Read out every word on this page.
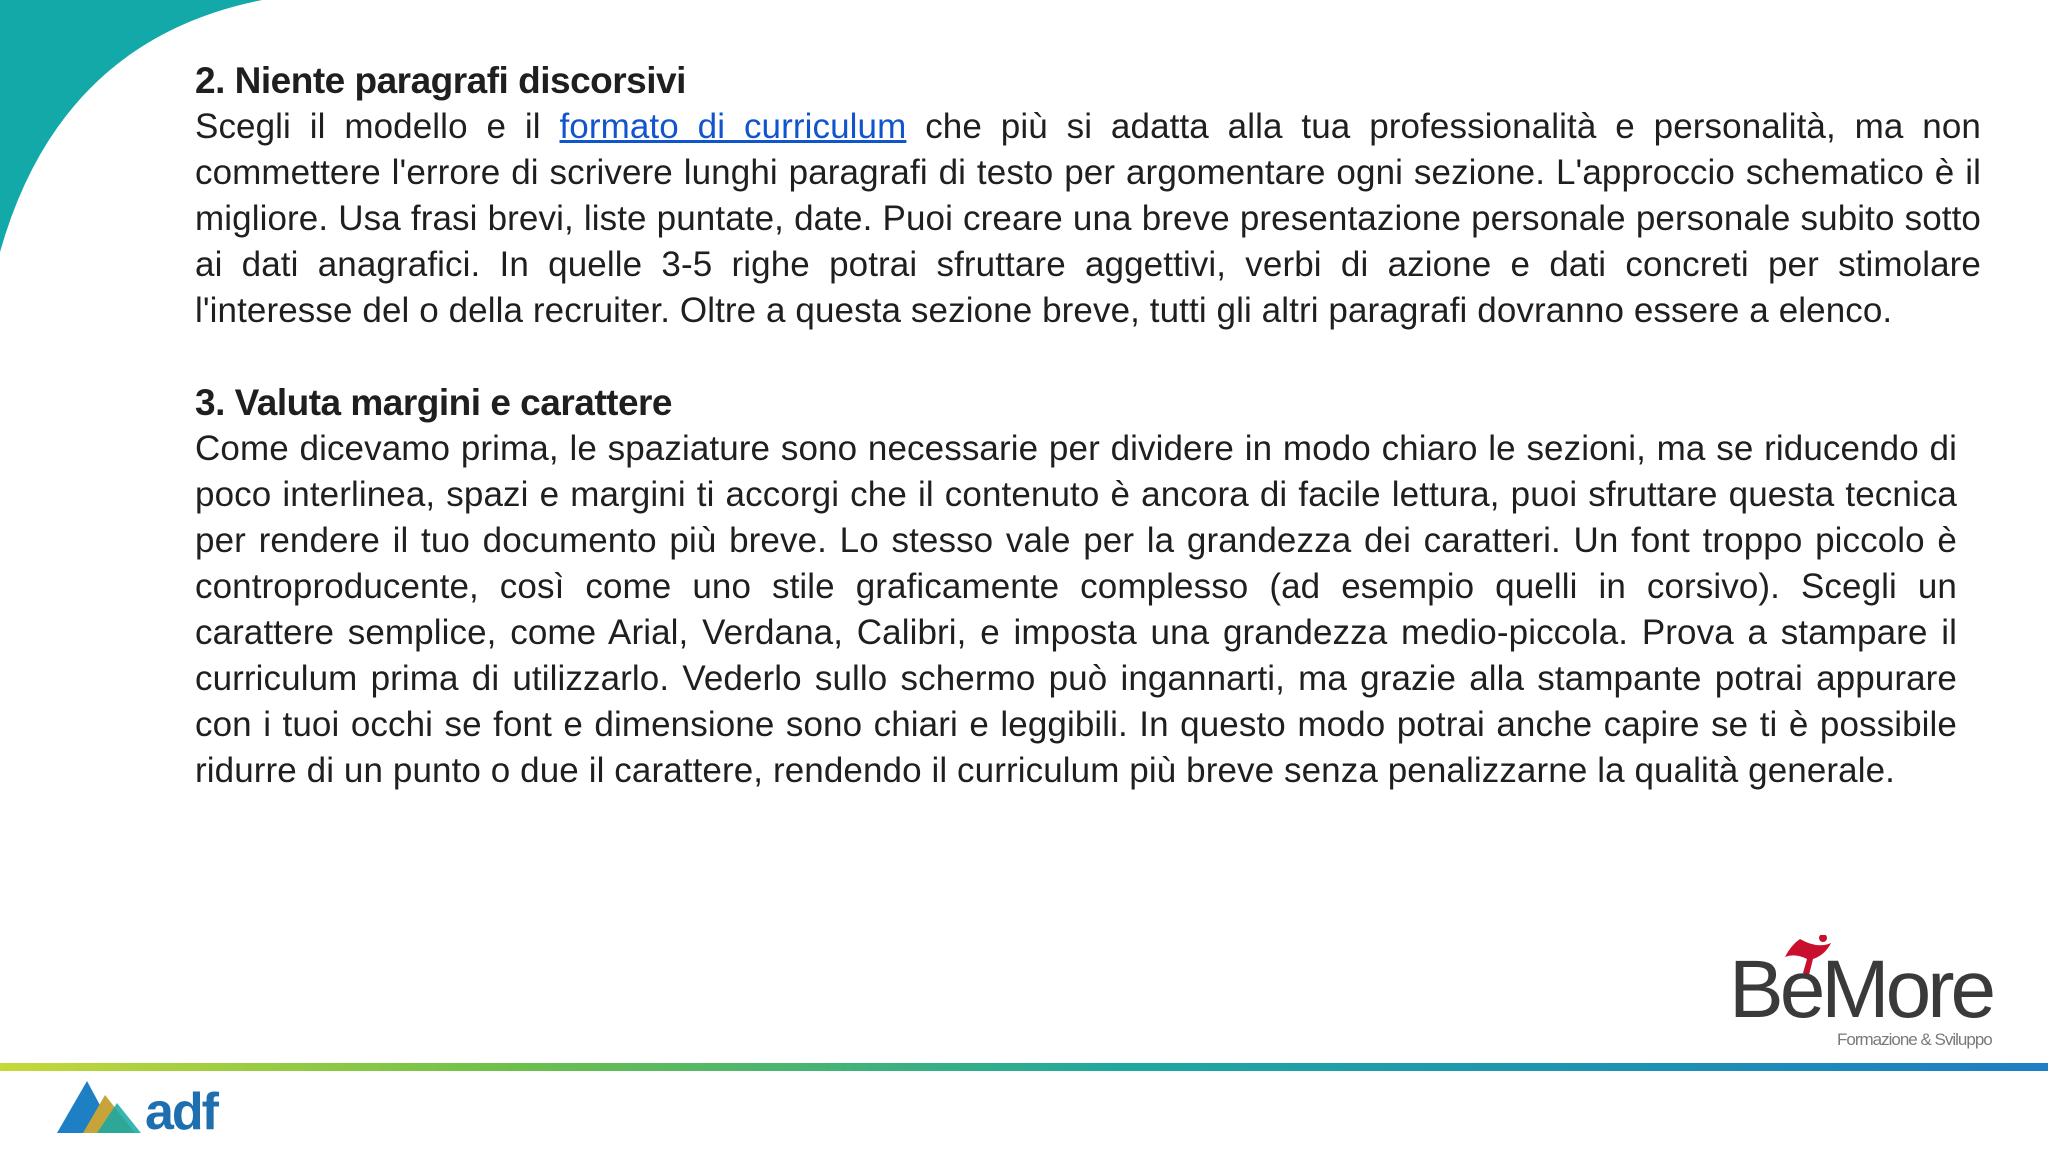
2. Niente paragrafi discorsivi

Scegli il modello e il formato di curriculum che più si adatta alla tua professionalità e personalità, ma non commettere l'errore di scrivere lunghi paragrafi di testo per argomentare ogni sezione. L'approccio schematico è il migliore. Usa frasi brevi, liste puntate, date. Puoi creare una breve presentazione personale personale subito sotto ai dati anagrafici. In quelle 3-5 righe potrai sfruttare aggettivi, verbi di azione e dati concreti per stimolare l'interesse del o della recruiter. Oltre a questa sezione breve, tutti gli altri paragrafi dovranno essere a elenco.

3. Valuta margini e carattere

Come dicevamo prima, le spaziature sono necessarie per dividere in modo chiaro le sezioni, ma se riducendo di poco interlinea, spazi e margini ti accorgi che il contenuto è ancora di facile lettura, puoi sfruttare questa tecnica per rendere il tuo documento più breve. Lo stesso vale per la grandezza dei caratteri. Un font troppo piccolo è controproducente, così come uno stile graficamente complesso (ad esempio quelli in corsivo). Scegli un carattere semplice, come Arial, Verdana, Calibri, e imposta una grandezza medio-piccola. Prova a stampare il curriculum prima di utilizzarlo. Vederlo sullo schermo può ingannarti, ma grazie alla stampante potrai appurare con i tuoi occhi se font e dimensione sono chiari e leggibili. In questo modo potrai anche capire se ti è possibile ridurre di un punto o due il carattere, rendendo il curriculum più breve senza penalizzarne la qualità generale.

BeMore
Formazione & Sviluppo
adf
